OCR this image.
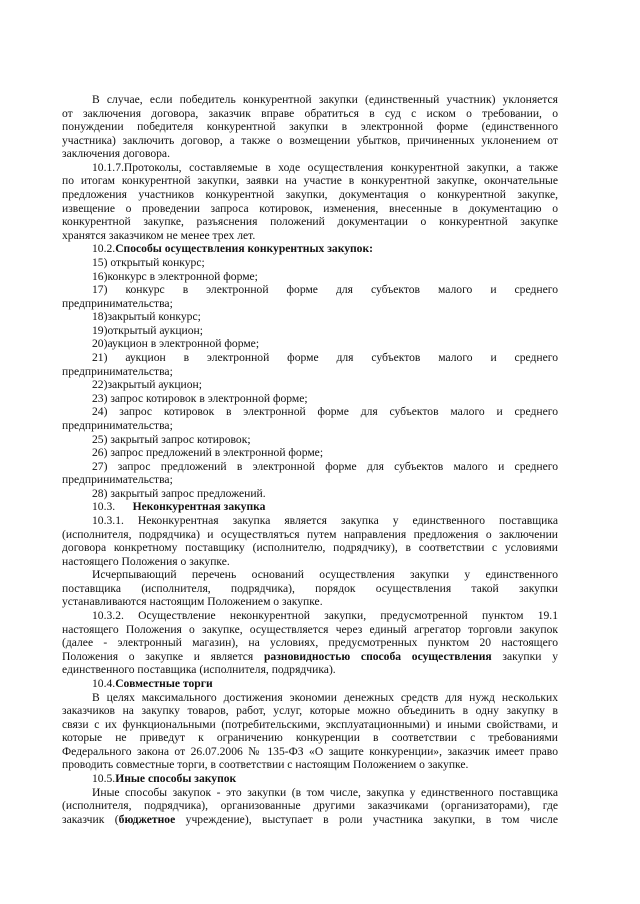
В случае, если победитель конкурентной закупки (единственный участник) уклоняется
от заключения договора, заказчик вправе обратиться в суд с иском о требовании, о
понуждении победителя конкурентной закупки в электронной форме (единственного
участника) заключить договор, а также о возмещении убытков, причиненных уклонением от
заключения договора.
10.1.7.Протоколы, составляемые в ходе осуществления конкурентной закупки, а также
по итогам конкурентной закупки, заявки на участие в конкурентной закупке, окончательные
предложения участников конкурентной закупки, документация о конкурентной закупке,
извещение о проведении запроса котировок, изменения, внесенные в документацию о
конкурентной закупке, разъяснения положений документации о конкурентной закупке
хранятся заказчиком не менее трех лет.
10.2.Способы осуществления конкурентных закупок:
15) открытый конкурс;
16)конкурс в электронной форме;
17) конкурс в электронной форме для субъектов малого и среднего
предпринимательства;
18)закрытый конкурс;
19)открытый аукцион;
20)аукцион в электронной форме;
21) аукцион в электронной форме для субъектов малого и среднего
предпринимательства;
22)закрытый аукцион;
23) запрос котировок в электронной форме;
24) запрос котировок в электронной форме для субъектов малого и среднего
предпринимательства;
25) закрытый запрос котировок;
26) запрос предложений в электронной форме;
27) запрос предложений в электронной форме для субъектов малого и среднего
предпринимательства;
28) закрытый запрос предложений.
10.3.      Неконкурентная закупка
10.3.1. Неконкурентная закупка является закупка у единственного поставщика
(исполнителя, подрядчика) и осуществляться путем направления предложения о заключении
договора конкретному поставщику (исполнителю, подрядчику), в соответствии с условиями
настоящего Положения о закупке.
Исчерпывающий перечень оснований осуществления закупки у единственного
поставщика (исполнителя, подрядчика), порядок осуществления такой закупки
устанавливаются настоящим Положением о закупке.
10.3.2. Осуществление неконкурентной закупки, предусмотренной пунктом 19.1
настоящего Положения о закупке, осуществляется через единый агрегатор торговли закупок
(далее - электронный магазин), на условиях, предусмотренных пунктом 20 настоящего
Положения о закупке и является разновидностью способа осуществления закупки у
единственного поставщика (исполнителя, подрядчика).
10.4.Совместные торги
В целях максимального достижения экономии денежных средств для нужд нескольких
заказчиков на закупку товаров, работ, услуг, которые можно объединить в одну закупку в
связи с их функциональными (потребительскими, эксплуатационными) и иными свойствами, и
которые не приведут к ограничению конкуренции в соответствии с требованиями
Федерального закона от 26.07.2006 № 135-ФЗ «О защите конкуренции», заказчик имеет право
проводить совместные торги, в соответствии с настоящим Положением о закупке.
10.5.Иные способы закупок
Иные способы закупок - это закупки (в том числе, закупка у единственного поставщика
(исполнителя, подрядчика), организованные другими заказчиками (организаторами), где
заказчик (бюджетное учреждение), выступает в роли участника закупки, в том числе
